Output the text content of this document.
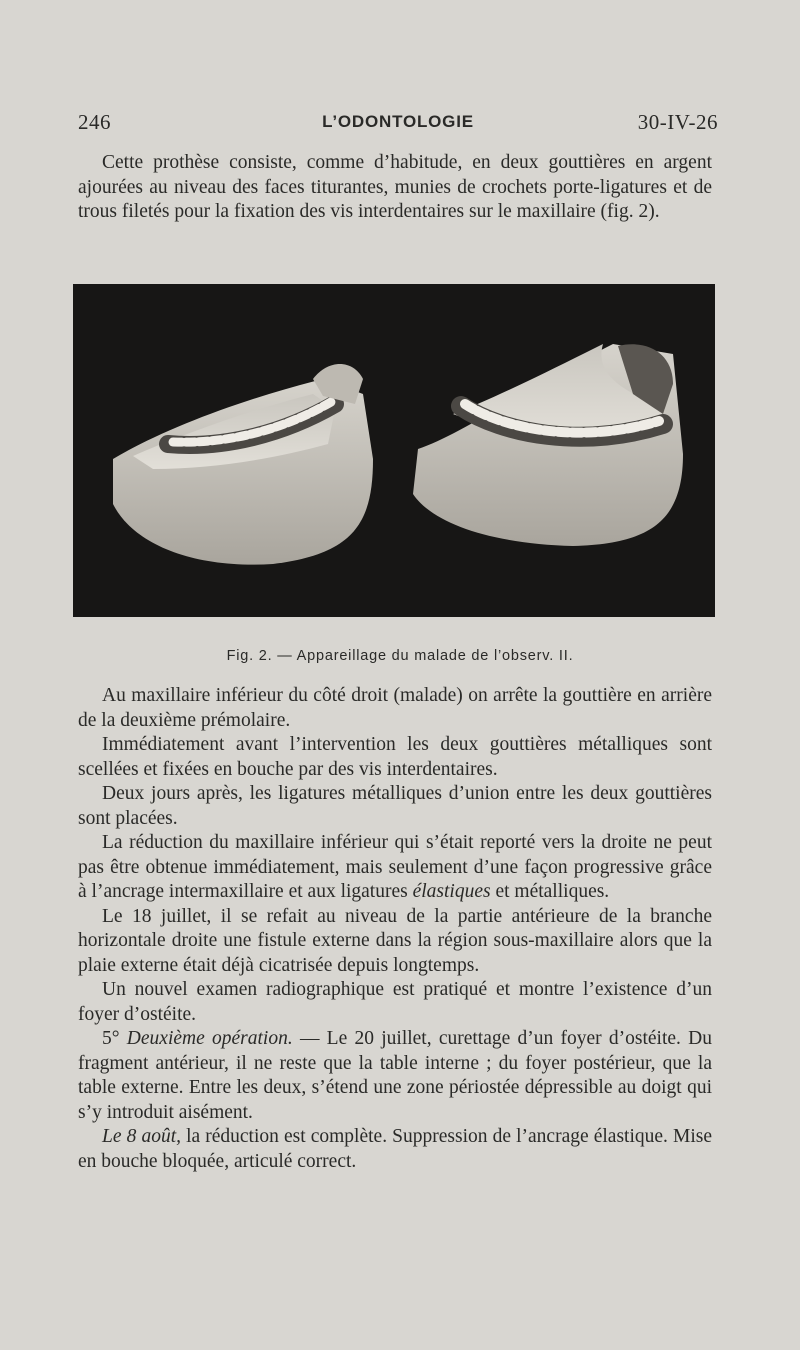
246	L’ODONTOLOGIE	30-IV-26

Cette prothèse consiste, comme d’habitude, en deux gouttières en argent ajourées au niveau des faces titurantes, munies de crochets porte-ligatures et de trous filetés pour la fixation des vis interdentaires sur le maxillaire (fig. 2).

Fig. 2. — Appareillage du malade de l’observ. II.

Au maxillaire inférieur du côté droit (malade) on arrête la gouttière en arrière de la deuxième prémolaire.

Immédiatement avant l’intervention les deux gouttières métalliques sont scellées et fixées en bouche par des vis interdentaires.

Deux jours après, les ligatures métalliques d’union entre les deux gouttières sont placées.

La réduction du maxillaire inférieur qui s’était reporté vers la droite ne peut pas être obtenue immédiatement, mais seulement d’une façon progressive grâce à l’ancrage intermaxillaire et aux ligatures élastiques et métalliques.

Le 18 juillet, il se refait au niveau de la partie antérieure de la branche horizontale droite une fistule externe dans la région sous-maxillaire alors que la plaie externe était déjà cicatrisée depuis longtemps.

Un nouvel examen radiographique est pratiqué et montre l’existence d’un foyer d’ostéite.

5° Deuxième opération. — Le 20 juillet, curettage d’un foyer d’ostéite. Du fragment antérieur, il ne reste que la table interne ; du foyer postérieur, que la table externe. Entre les deux, s’étend une zone périostée dépressible au doigt qui s’y introduit aisément.

Le 8 août, la réduction est complète. Suppression de l’ancrage élastique. Mise en bouche bloquée, articulé correct.
